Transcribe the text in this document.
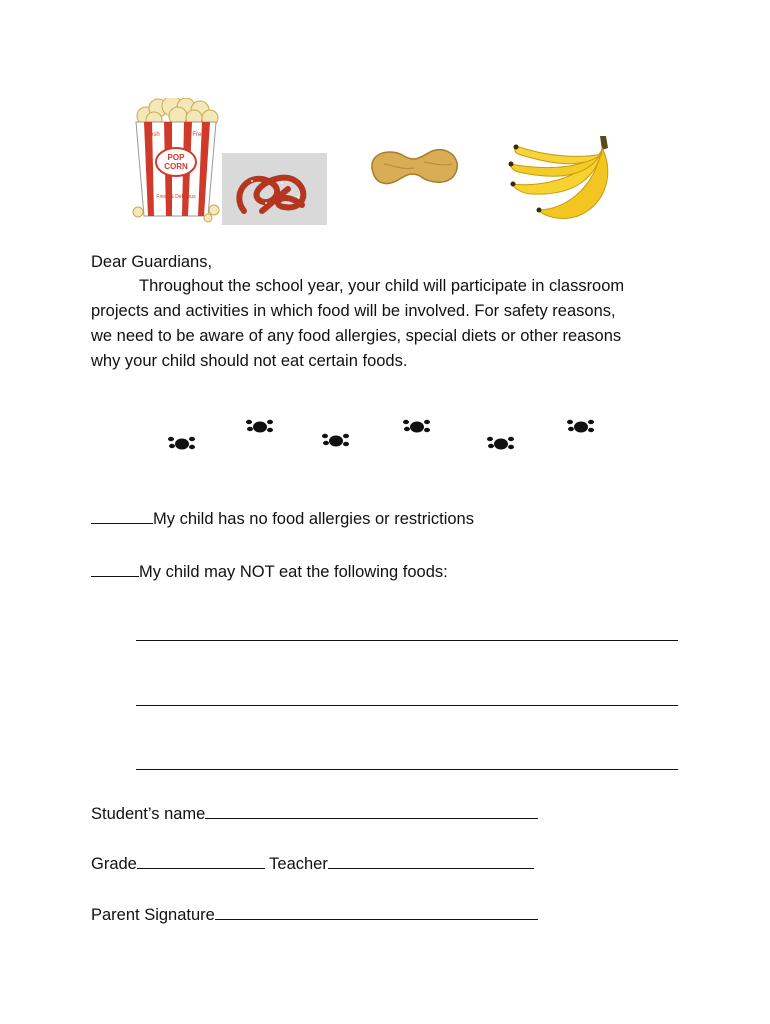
POP
CORN
Fresh	Fresh
Fresh & Delicious
Dear Guardians,
Throughout the school year, your child will participate in classroom
projects and activities in which food will be involved. For safety reasons,
we need to be aware of any food allergies, special diets or other reasons
why your child should not eat certain foods.
My child has no food allergies or restrictions
My child may NOT eat the following foods:
Student’s name
Grade	Teacher
Parent Signature
